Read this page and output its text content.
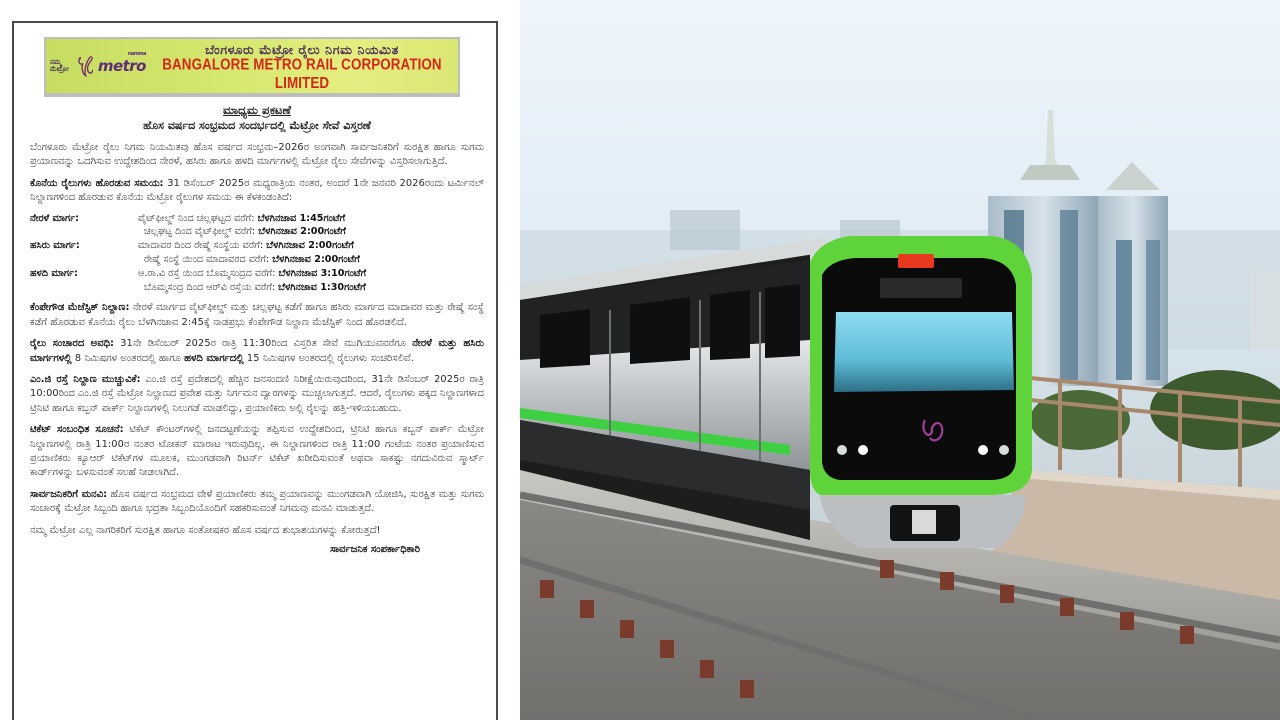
ನಮ್ಮ ಮೆಟ್ರೋ
namma
metro
ಬೆಂಗಳೂರು ಮೆಟ್ರೋ ರೈಲು ನಿಗಮ ನಿಯಮಿತ
BANGALORE METRO RAIL CORPORATION LIMITED
ಮಾಧ್ಯಮ ಪ್ರಕಟಣೆ
ಹೊಸ ವರ್ಷದ ಸಂಭ್ರಮದ ಸಂದರ್ಭದಲ್ಲಿ ಮೆಟ್ರೋ ಸೇವೆ ವಿಸ್ತರಣೆ

ಬೆಂಗಳೂರು ಮೆಟ್ರೋ ರೈಲು ನಿಗಮ ನಿಯಮಿತವು ಹೊಸ ವರ್ಷದ ಸಂಭ್ರಮ–2026ರ ಅಂಗವಾಗಿ ಸಾರ್ವಜನಿಕರಿಗೆ ಸುರಕ್ಷಿತ ಹಾಗೂ ಸುಗಮ ಪ್ರಯಾಣವನ್ನು ಒದಗಿಸುವ ಉದ್ದೇಶದಿಂದ ನೇರಳೆ, ಹಸಿರು ಹಾಗೂ ಹಳದಿ ಮಾರ್ಗಗಳಲ್ಲಿ ಮೆಟ್ರೋ ರೈಲು ಸೇವೆಗಳನ್ನು ವಿಸ್ತರಿಸಲಾಗುತ್ತಿದೆ.

ಕೊನೆಯ ರೈಲುಗಳು ಹೊರಡುವ ಸಮಯ: 31 ಡಿಸೆಂಬರ್ 2025ರ ಮಧ್ಯರಾತ್ರಿಯ ನಂತರ, ಅಂದರೆ 1ನೇ ಜನವರಿ 2026ರಂದು ಟರ್ಮಿನಲ್ ನಿಲ್ದಾಣಗಳಿಂದ ಹೊರಡುವ ಕೊನೆಯ ಮೆಟ್ರೋ ರೈಲುಗಳ ಸಮಯ ಈ ಕೆಳಕಂಡಂತಿದೆ:

ನೇರಳೆ ಮಾರ್ಗ:	ವೈಟ್‌ಫೀಲ್ಡ್ ನಿಂದ ಚಲ್ಲಘಟ್ಟದ ವರೆಗೆ: ಬೆಳಗಿನಜಾವ 1:45ಗಂಟೆಗೆ
ಚಲ್ಲಘಟ್ಟ ದಿಂದ ವೈಟ್‌ಫೀಲ್ಡ್ ವರೆಗೆ: ಬೆಳಗಿನಜಾವ 2:00ಗಂಟೆಗೆ
ಹಸಿರು ಮಾರ್ಗ:	ಮಾದಾವರ ದಿಂದ ರೇಷ್ಮೆ ಸಂಸ್ಥೆಯ ವರೆಗೆ: ಬೆಳಗಿನಜಾವ 2:00ಗಂಟೆಗೆ
ರೇಷ್ಮೆ ಸಂಸ್ಥೆ ಯಿಂದ ಮಾದಾವರದ ವರೆಗೆ: ಬೆಳಗಿನಜಾವ 2:00ಗಂಟೆಗೆ
ಹಳದಿ ಮಾರ್ಗ:	ಆ.ರಾ.ವಿ ರಸ್ತೆ ಯಿಂದ ಬೊಮ್ಮಸಂದ್ರದ ವರೆಗೆ: ಬೆಳಗಿನಜಾವ 3:10ಗಂಟೆಗೆ
ಬೊಮ್ಮಸಂದ್ರ ದಿಂದ ಆರ್‌ವಿ ರಸ್ತೆಯ ವರೆಗೆ: ಬೆಳಗಿನಜಾವ 1:30ಗಂಟೆಗೆ

ಕೆಂಪೇಗೌಡ ಮೆಜೆಸ್ಟಿಕ್ ನಿಲ್ದಾಣ: ನೇರಳೆ ಮಾರ್ಗದ ವೈಟ್‌ಫೀಲ್ಡ್ ಮತ್ತು ಚಲ್ಲಘಟ್ಟ ಕಡೆಗೆ ಹಾಗೂ ಹಸಿರು ಮಾರ್ಗದ ಮಾದಾವರ ಮತ್ತು ರೇಷ್ಮೆ ಸಂಸ್ಥೆ ಕಡೆಗೆ ಹೊರಡುವ ಕೊನೆಯ ರೈಲು ಬೆಳಗಿನಜಾವ 2:45ಕ್ಕೆ ನಾಡಪ್ರಭು ಕೆಂಪೇಗೌಡ ನಿಲ್ದಾಣ ಮೆಜೆಸ್ಟಿಕ್ ನಿಂದ ಹೊರಡಲಿದೆ.

ರೈಲು ಸಂಚಾರದ ಅವಧಿ: 31ನೇ ಡಿಸೆಂಬರ್ 2025ರ ರಾತ್ರಿ 11:30ರಿಂದ ವಿಸ್ತರಿತ ಸೇವೆ ಮುಗಿಯುವವರೆಗೂ ನೇರಳೆ ಮತ್ತು ಹಸಿರು ಮಾರ್ಗಗಳಲ್ಲಿ 8 ನಿಮಿಷಗಳ ಅಂತರದಲ್ಲಿ ಹಾಗೂ ಹಳದಿ ಮಾರ್ಗದಲ್ಲಿ 15 ನಿಮಿಷಗಳ ಅಂತರದಲ್ಲಿ ರೈಲುಗಳು ಸಂಚರಿಸಲಿವೆ.

ಎಂ.ಜಿ ರಸ್ತೆ ನಿಲ್ದಾಣ ಮುಚ್ಚುವಿಕೆ: ಎಂ.ಜಿ ರಸ್ತೆ ಪ್ರದೇಶದಲ್ಲಿ ಹೆಚ್ಚಿನ ಜನಸಂದಣಿ ನಿರೀಕ್ಷೆಯಿರುವುದರಿಂದ, 31ನೇ ಡಿಸೆಂಬರ್ 2025ರ ರಾತ್ರಿ 10:00ರಿಂದ ಎಂ.ಜಿ ರಸ್ತೆ ಮೆಟ್ರೋ ನಿಲ್ದಾಣದ ಪ್ರವೇಶ ಮತ್ತು ನಿರ್ಗಮನ ದ್ವಾರಗಳನ್ನು ಮುಚ್ಚಲಾಗುತ್ತದೆ. ಆದರೆ, ರೈಲುಗಳು ಪಕ್ಕದ ನಿಲ್ದಾಣಗಳಾದ ಟ್ರಿನಿಟಿ ಹಾಗೂ ಕಬ್ಬನ್ ಪಾರ್ಕ್ ನಿಲ್ದಾಣಗಳಲ್ಲಿ ನಿಲುಗಡೆ ಮಾಡಲಿದ್ದು, ಪ್ರಯಾಣಿಕರು ಅಲ್ಲಿ ರೈಲನ್ನು ಹತ್ತಿ-ಇಳಿಯಬಹುದು.

ಟಿಕೆಟ್ ಸಂಬಂಧಿತ ಸೂಚನೆ: ಟಿಕೆಟ್ ಕೌಂಟರ್‌ಗಳಲ್ಲಿ ಜನದಟ್ಟಣೆಯನ್ನು ತಪ್ಪಿಸುವ ಉದ್ದೇಶದಿಂದ, ಟ್ರಿನಿಟಿ ಹಾಗೂ ಕಬ್ಬನ್ ಪಾರ್ಕ್ ಮೆಟ್ರೋ ನಿಲ್ದಾಣಗಳಲ್ಲಿ ರಾತ್ರಿ 11:00ರ ನಂತರ ಟೋಕನ್ ಮಾರಾಟ ಇರುವುದಿಲ್ಲ. ಈ ನಿಲ್ದಾಣಗಳಿಂದ ರಾತ್ರಿ 11:00 ಗಂಟೆಯ ನಂತರ ಪ್ರಯಾಣಿಸುವ ಪ್ರಯಾಣಿಕರು ಕ್ಯೂಆರ್ ಟಿಕೆಟ್‌ಗಳ ಮೂಲಕ, ಮುಂಗಡವಾಗಿ ರಿಟರ್ನ್ ಟಿಕೆಟ್ ಖರೀದಿಸುವಂತೆ ಅಥವಾ ಸಾಕಷ್ಟು ನಗದುವಿರುವ ಸ್ಮಾರ್ಟ್ ಕಾರ್ಡ್‌ಗಳನ್ನು ಬಳಸುವಂತೆ ಸಲಹೆ ನೀಡಲಾಗಿದೆ.

ಸಾರ್ವಜನಿಕರಿಗೆ ಮನವಿ: ಹೊಸ ವರ್ಷದ ಸಂಭ್ರಮದ ವೇಳೆ ಪ್ರಯಾಣಿಕರು ತಮ್ಮ ಪ್ರಯಾಣವನ್ನು ಮುಂಗಡವಾಗಿ ಯೋಜಿಸಿ, ಸುರಕ್ಷಿತ ಮತ್ತು ಸುಗಮ ಸಂಚಾರಕ್ಕೆ ಮೆಟ್ರೋ ಸಿಬ್ಬಂದಿ ಹಾಗೂ ಭದ್ರತಾ ಸಿಬ್ಬಂದಿಯೊಂದಿಗೆ ಸಹಕರಿಸುವಂತೆ ನಿಗಮವು ಮನವಿ ಮಾಡುತ್ತದೆ.

ನಮ್ಮ ಮೆಟ್ರೋ ಎಲ್ಲ ನಾಗರಿಕರಿಗೆ ಸುರಕ್ಷಿತ ಹಾಗೂ ಸಂತೋಷಕರ ಹೊಸ ವರ್ಷದ ಶುಭಾಶಯಗಳನ್ನು ಕೋರುತ್ತದೆ!

ಸಾರ್ವಜನಿಕ ಸಂಪರ್ಕಾಧಿಕಾರಿ
